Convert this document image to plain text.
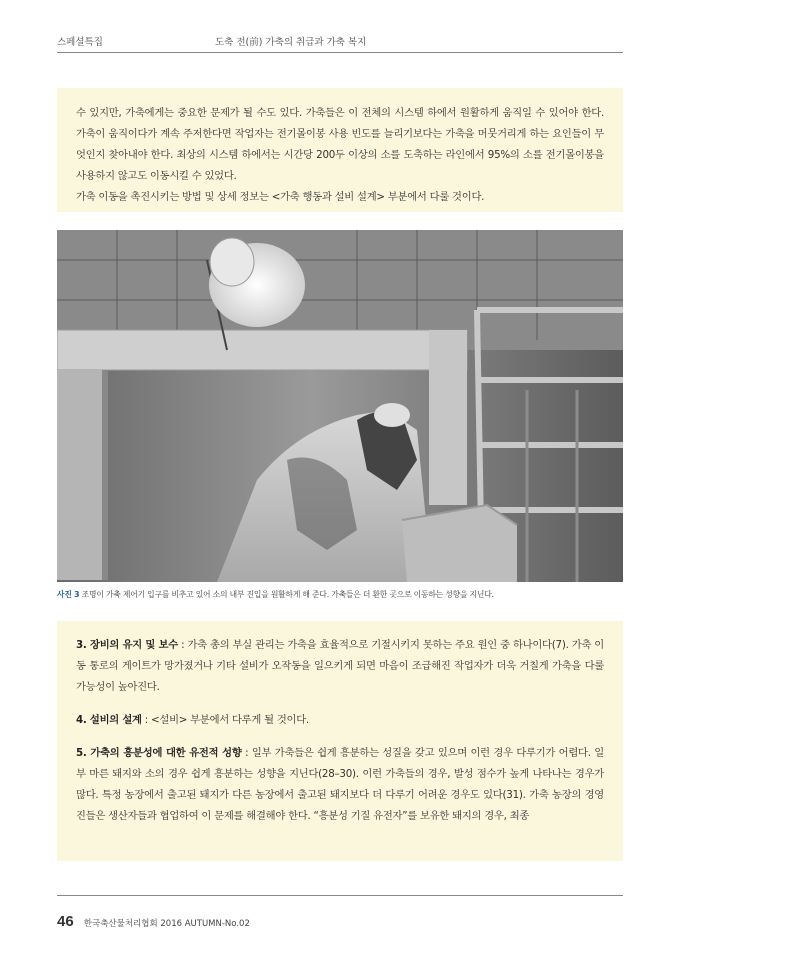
스페셜특집	도축 전(前) 가축의 취급과 가축 복지

수 있지만, 가축에게는 중요한 문제가 될 수도 있다. 가축들은 이 전체의 시스템 하에서 원활하게 움직일 수 있어야 한다. 가축이 움직이다가 계속 주저한다면 작업자는 전기몰이봉 사용 빈도를 늘리기보다는 가축을 머뭇거리게 하는 요인들이 무엇인지 찾아내야 한다. 최상의 시스템 하에서는 시간당 200두 이상의 소를 도축하는 라인에서 95%의 소를 전기몰이봉을 사용하지 않고도 이동시킬 수 있었다.

가축 이동을 촉진시키는 방법 및 상세 정보는 <가축 행동과 설비 설계> 부분에서 다룰 것이다.

사진 3 조명이 가축 제어기 입구를 비추고 있어 소의 내부 진입을 원활하게 해 준다. 가축들은 더 환한 곳으로 이동하는 성향을 지닌다.

3. 장비의 유지 및 보수 : 가축 총의 부실 관리는 가축을 효율적으로 기절시키지 못하는 주요 원인 중 하나이다(7). 가축 이동 통로의 게이트가 망가졌거나 기타 설비가 오작동을 일으키게 되면 마음이 조급해진 작업자가 더욱 거칠게 가축을 다룰 가능성이 높아진다.

4. 설비의 설계 : <설비> 부분에서 다루게 될 것이다.

5. 가축의 흥분성에 대한 유전적 성향 : 일부 가축들은 쉽게 흥분하는 성질을 갖고 있으며 이런 경우 다루기가 어렵다. 일부 마른 돼지와 소의 경우 쉽게 흥분하는 성향을 지닌다(28–30). 이런 가축들의 경우, 발성 점수가 높게 나타나는 경우가 많다. 특정 농장에서 출고된 돼지가 다른 농장에서 출고된 돼지보다 더 다루기 어려운 경우도 있다(31). 가축 농장의 경영진들은 생산자들과 협업하여 이 문제를 해결해야 한다. “흥분성 기질 유전자”를 보유한 돼지의 경우, 최종

46 한국축산물처리협회 2016 AUTUMN-No.02
